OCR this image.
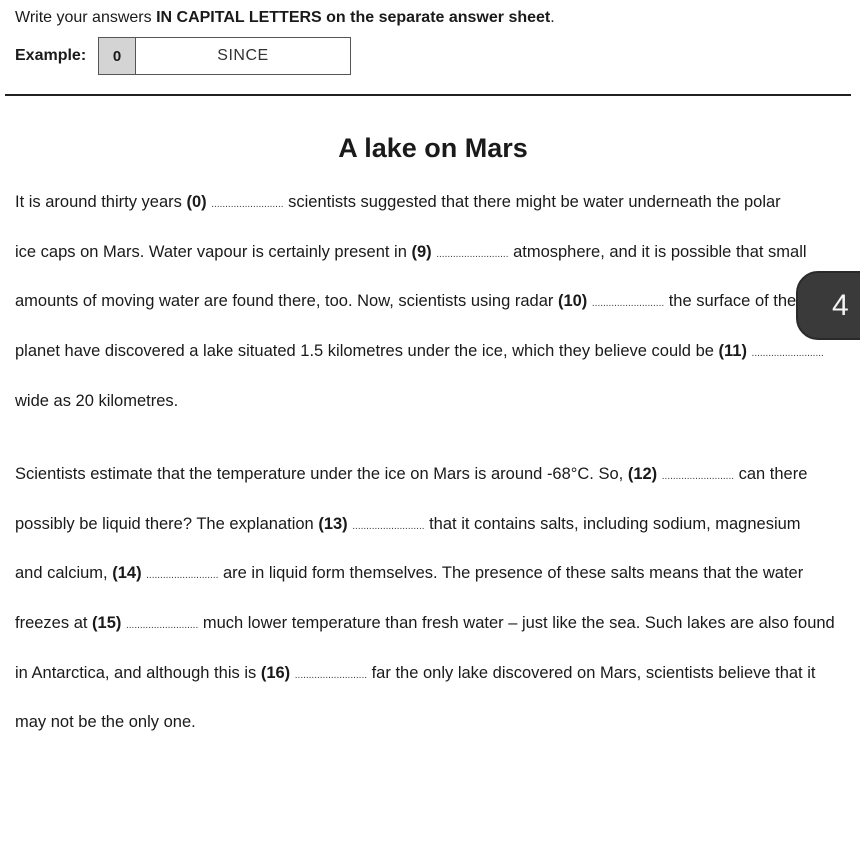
Write your answers IN CAPITAL LETTERS on the separate answer sheet.
Example:	0	SINCE
A lake on Mars
It is around thirty years (0) .......................... scientists suggested that there might be water underneath the polar
ice caps on Mars. Water vapour is certainly present in (9) .......................... atmosphere, and it is possible that small
amounts of moving water are found there, too. Now, scientists using radar (10) .......................... the surface of the
planet have discovered a lake situated 1.5 kilometres under the ice, which they believe could be (11) ..........................
wide as 20 kilometres.
Scientists estimate that the temperature under the ice on Mars is around -68°C. So, (12) .......................... can there
possibly be liquid there? The explanation (13) .......................... that it contains salts, including sodium, magnesium
and calcium, (14) .......................... are in liquid form themselves. The presence of these salts means that the water
freezes at (15) .......................... much lower temperature than fresh water – just like the sea. Such lakes are also found
in Antarctica, and although this is (16) .......................... far the only lake discovered on Mars, scientists believe that it
may not be the only one.
4
